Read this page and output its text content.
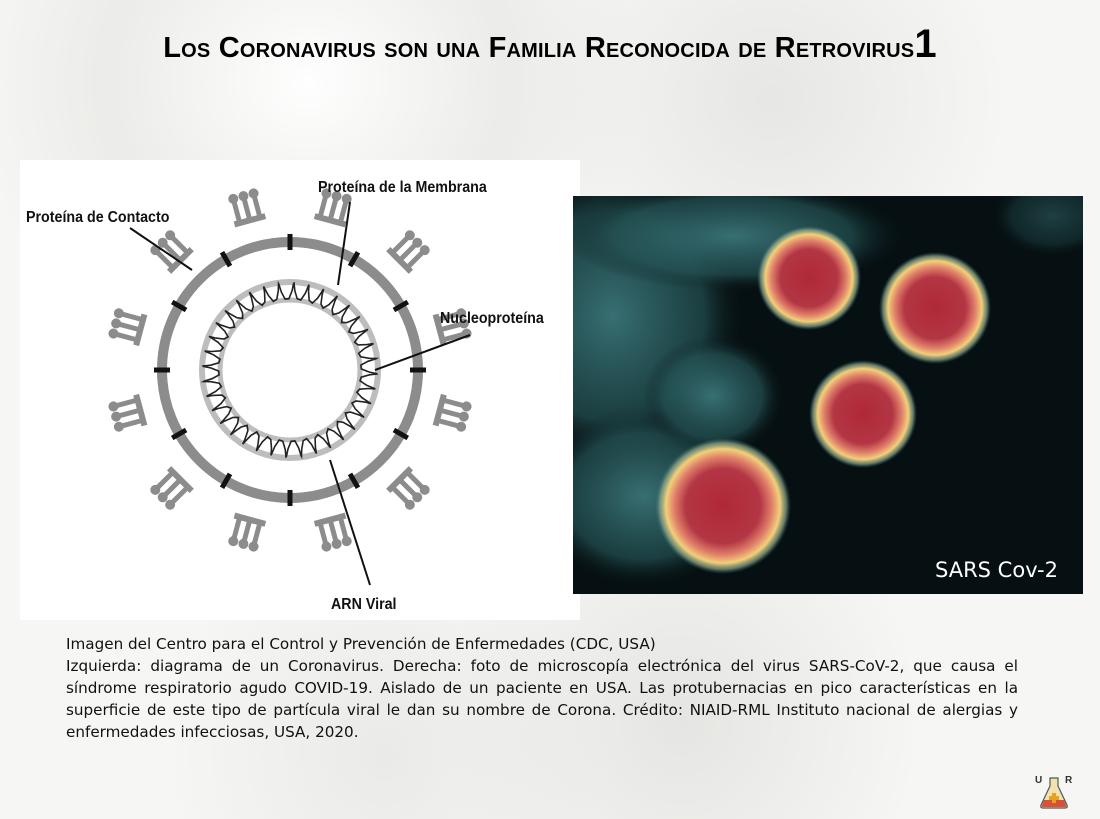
Los Coronavirus son una Familia Reconocida de Retrovirus1
Proteína de Contacto
Proteína de la Membrana
Nucleoproteína
ARN Viral
SARS Cov-2

Imagen del Centro para el Control y Prevención de Enfermedades (CDC, USA)

Izquierda: diagrama de un Coronavirus. Derecha: foto de microscopía electrónica del virus SARS-CoV-2, que causa el síndrome respiratorio agudo COVID-19. Aislado de un paciente en USA. Las protubernacias en pico características en la superficie de este tipo de partícula viral le dan su nombre de Corona. Crédito: NIAID-RML Instituto nacional de alergias y enfermedades infecciosas, USA, 2020.

U R
